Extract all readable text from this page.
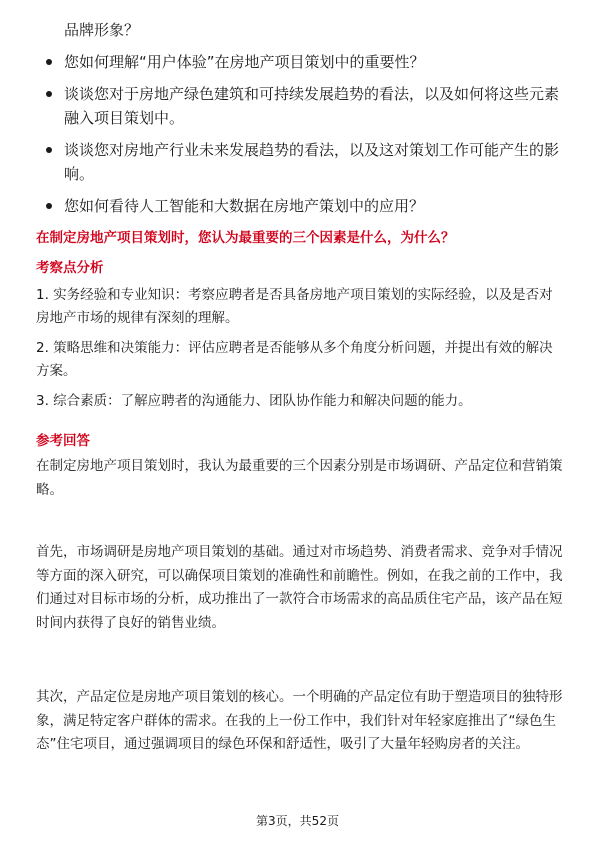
品牌形象？
您如何理解“用户体验”在房地产项目策划中的重要性？
谈谈您对于房地产绿色建筑和可持续发展趋势的看法，以及如何将这些元素融入项目策划中。
谈谈您对房地产行业未来发展趋势的看法，以及这对策划工作可能产生的影响。
您如何看待人工智能和大数据在房地产策划中的应用？
在制定房地产项目策划时，您认为最重要的三个因素是什么，为什么？
考察点分析
1. 实务经验和专业知识：考察应聘者是否具备房地产项目策划的实际经验，以及是否对房地产市场的规律有深刻的理解。
2. 策略思维和决策能力：评估应聘者是否能够从多个角度分析问题，并提出有效的解决方案。
3. 综合素质：了解应聘者的沟通能力、团队协作能力和解决问题的能力。
参考回答
在制定房地产项目策划时，我认为最重要的三个因素分别是市场调研、产品定位和营销策略。
首先，市场调研是房地产项目策划的基础。通过对市场趋势、消费者需求、竞争对手情况等方面的深入研究，可以确保项目策划的准确性和前瞻性。例如，在我之前的工作中，我们通过对目标市场的分析，成功推出了一款符合市场需求的高品质住宅产品，该产品在短时间内获得了良好的销售业绩。
其次，产品定位是房地产项目策划的核心。一个明确的产品定位有助于塑造项目的独特形象，满足特定客户群体的需求。在我的上一份工作中，我们针对年轻家庭推出了“绿色生态”住宅项目，通过强调项目的绿色环保和舒适性，吸引了大量年轻购房者的关注。
第3页，共52页
